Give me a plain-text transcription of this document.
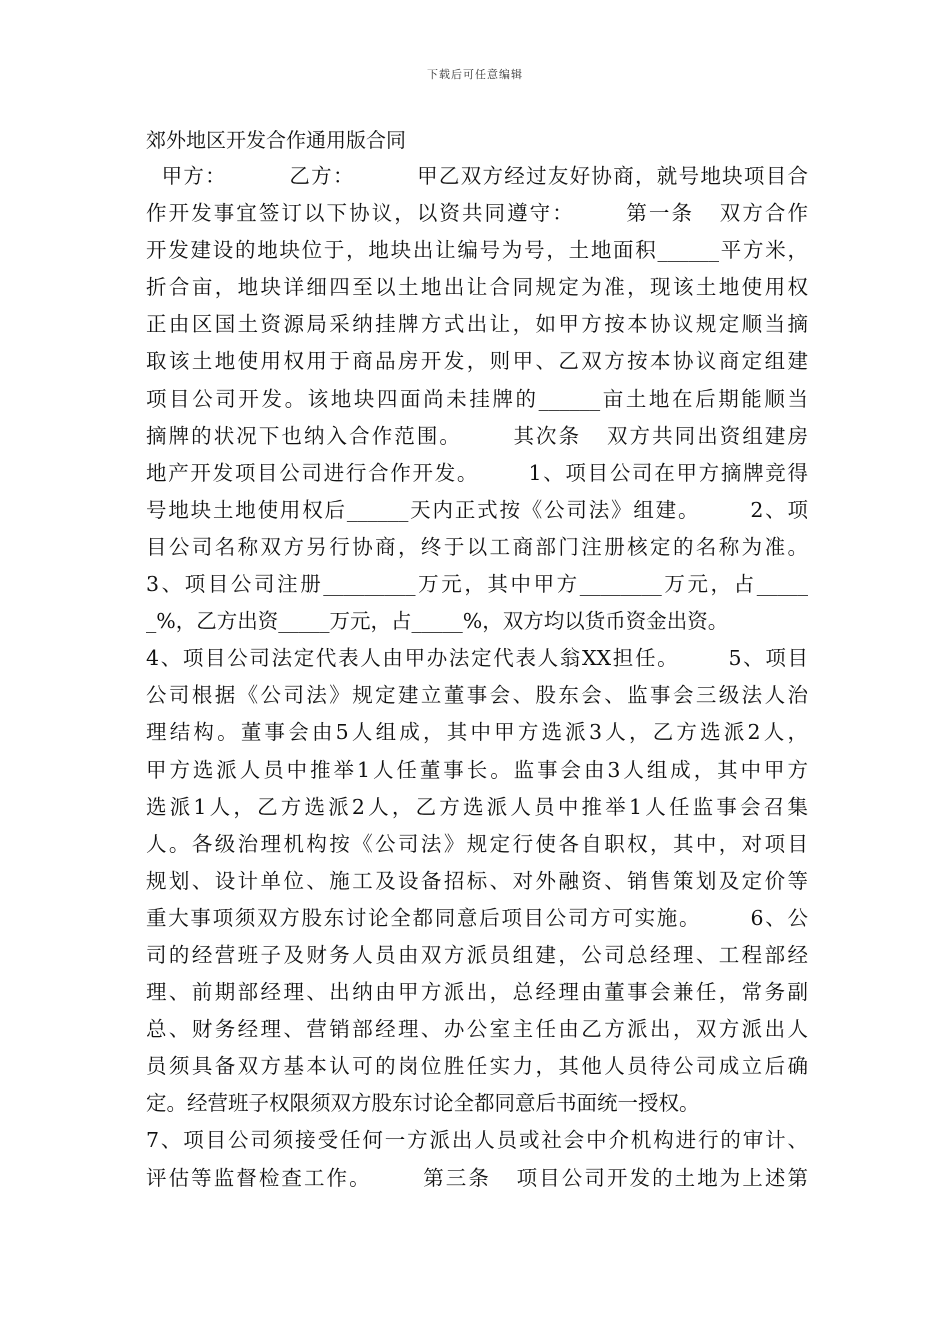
下载后可任意编辑
郊外地区开发合作通用版合同
甲方：        乙方：        甲乙双方经过友好协商，就号地块项目合
作开发事宜签订以下协议，以资共同遵守：      第一条   双方合作
开发建设的地块位于，地块出让编号为号，土地面积______平方米，
折合亩，地块详细四至以土地出让合同规定为准，现该土地使用权
正由区国土资源局采纳挂牌方式出让，如甲方按本协议规定顺当摘
取该土地使用权用于商品房开发，则甲、乙双方按本协议商定组建
项目公司开发。该地块四面尚未挂牌的______亩土地在后期能顺当
摘牌的状况下也纳入合作范围。      其次条   双方共同出资组建房
地产开发项目公司进行合作开发。      1、项目公司在甲方摘牌竞得
号地块土地使用权后______天内正式按《公司法》组建。      2、项
目公司名称双方另行协商，终于以工商部门注册核定的名称为准。
3、项目公司注册_________万元，其中甲方________万元，占_____
_%，乙方出资_____万元，占_____%，双方均以货币资金出资。
4、项目公司法定代表人由甲办法定代表人翁XX担任。      5、项目
公司根据《公司法》规定建立董事会、股东会、监事会三级法人治
理结构。董事会由5人组成，其中甲方选派3人，乙方选派2人，
甲方选派人员中推举1人任董事长。监事会由3人组成，其中甲方
选派1人，乙方选派2人，乙方选派人员中推举1人任监事会召集
人。各级治理机构按《公司法》规定行使各自职权，其中，对项目
规划、设计单位、施工及设备招标、对外融资、销售策划及定价等
重大事项须双方股东讨论全都同意后项目公司方可实施。      6、公
司的经营班子及财务人员由双方派员组建，公司总经理、工程部经
理、前期部经理、出纳由甲方派出，总经理由董事会兼任，常务副
总、财务经理、营销部经理、办公室主任由乙方派出，双方派出人
员须具备双方基本认可的岗位胜任实力，其他人员待公司成立后确
定。经营班子权限须双方股东讨论全都同意后书面统一授权。
7、项目公司须接受任何一方派出人员或社会中介机构进行的审计、
评估等监督检查工作。      第三条   项目公司开发的土地为上述第
